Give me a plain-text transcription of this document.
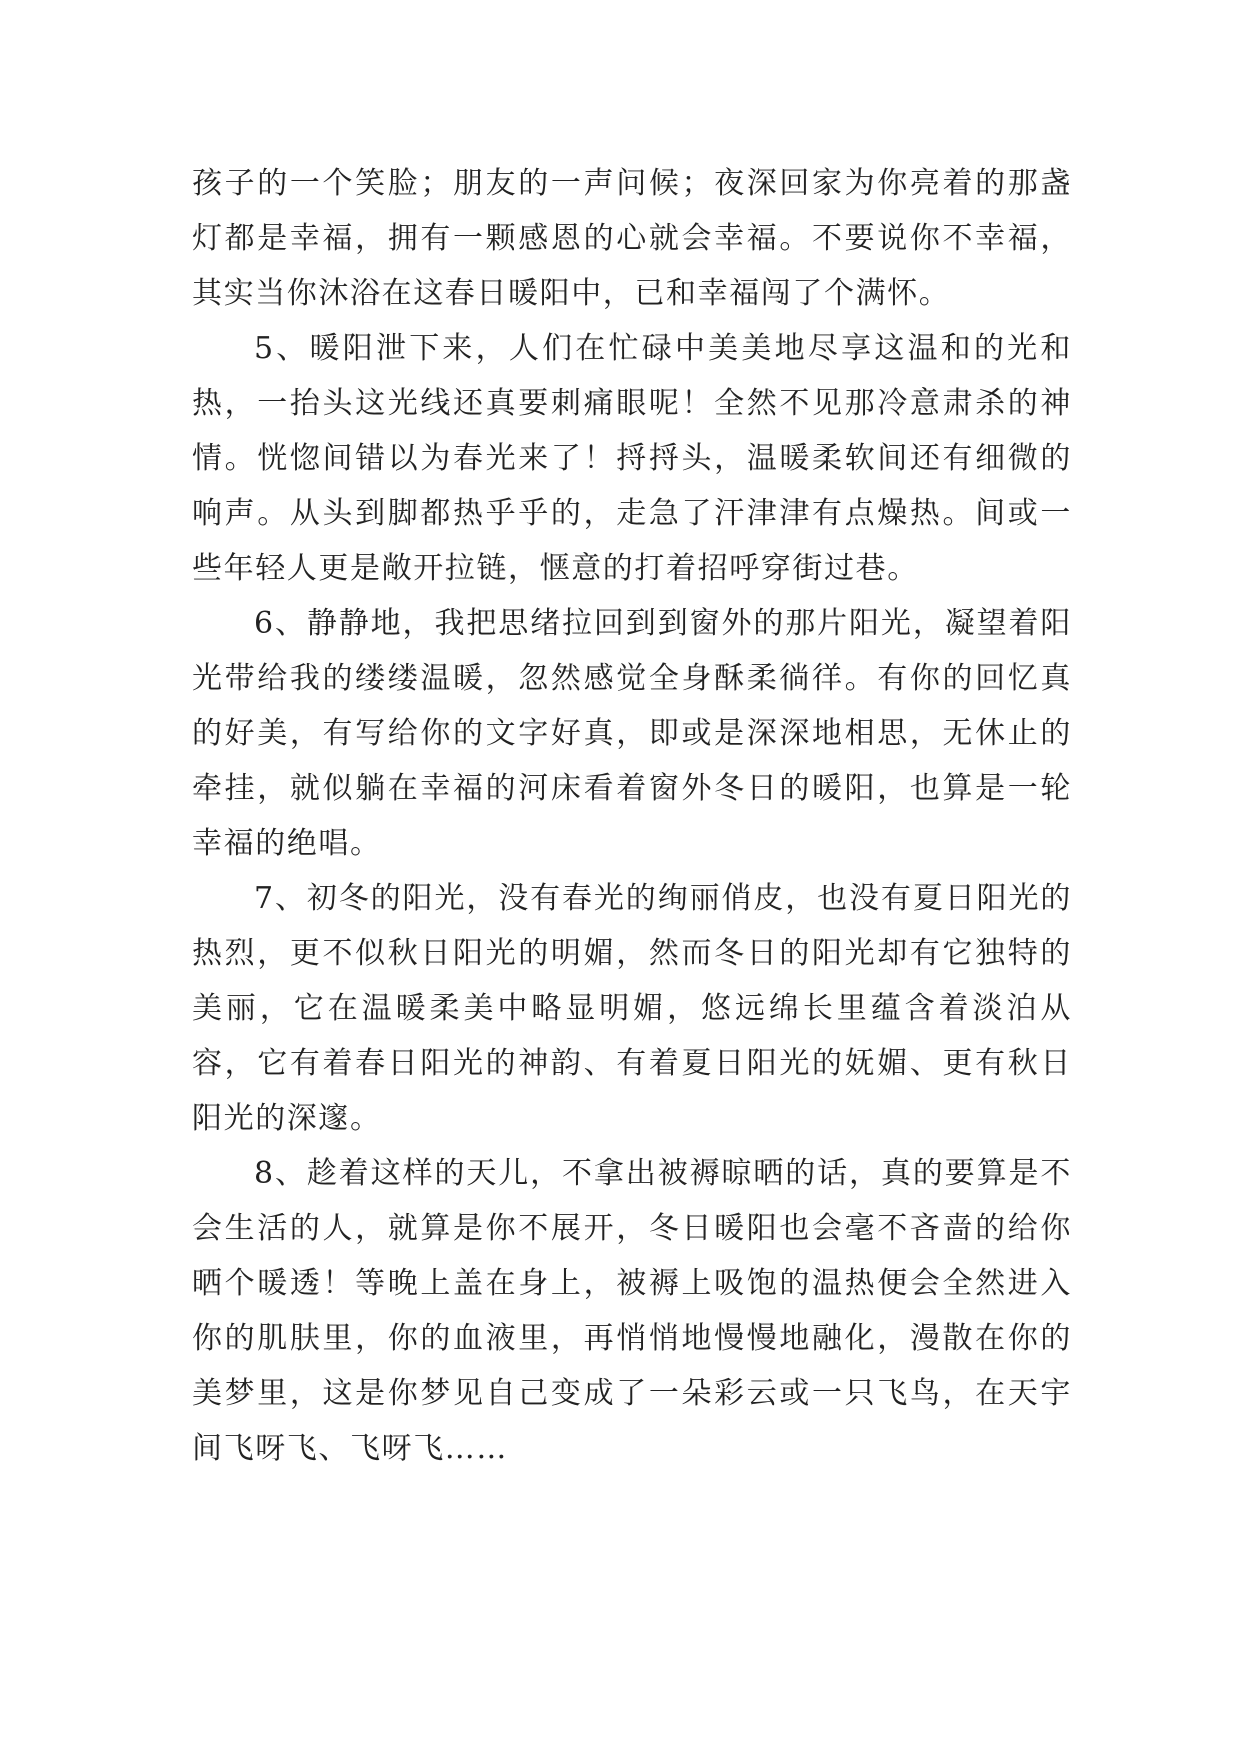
孩子的一个笑脸；朋友的一声问候；夜深回家为你亮着的那盏灯都是幸福，拥有一颗感恩的心就会幸福。不要说你不幸福，其实当你沐浴在这春日暖阳中，已和幸福闯了个满怀。

5、暖阳泄下来，人们在忙碌中美美地尽享这温和的光和热，一抬头这光线还真要刺痛眼呢！全然不见那冷意肃杀的神情。恍惚间错以为春光来了！捋捋头，温暖柔软间还有细微的响声。从头到脚都热乎乎的，走急了汗津津有点燥热。间或一些年轻人更是敞开拉链，惬意的打着招呼穿街过巷。

6、静静地，我把思绪拉回到到窗外的那片阳光，凝望着阳光带给我的缕缕温暖，忽然感觉全身酥柔徜徉。有你的回忆真的好美，有写给你的文字好真，即或是深深地相思，无休止的牵挂，就似躺在幸福的河床看着窗外冬日的暖阳，也算是一轮幸福的绝唱。

7、初冬的阳光，没有春光的绚丽俏皮，也没有夏日阳光的热烈，更不似秋日阳光的明媚，然而冬日的阳光却有它独特的美丽，它在温暖柔美中略显明媚，悠远绵长里蕴含着淡泊从容，它有着春日阳光的神韵、有着夏日阳光的妩媚、更有秋日阳光的深邃。

8、趁着这样的天儿，不拿出被褥晾晒的话，真的要算是不会生活的人，就算是你不展开，冬日暖阳也会毫不吝啬的给你晒个暖透！等晚上盖在身上，被褥上吸饱的温热便会全然进入你的肌肤里，你的血液里，再悄悄地慢慢地融化，漫散在你的美梦里，这是你梦见自己变成了一朵彩云或一只飞鸟，在天宇间飞呀飞、飞呀飞……
